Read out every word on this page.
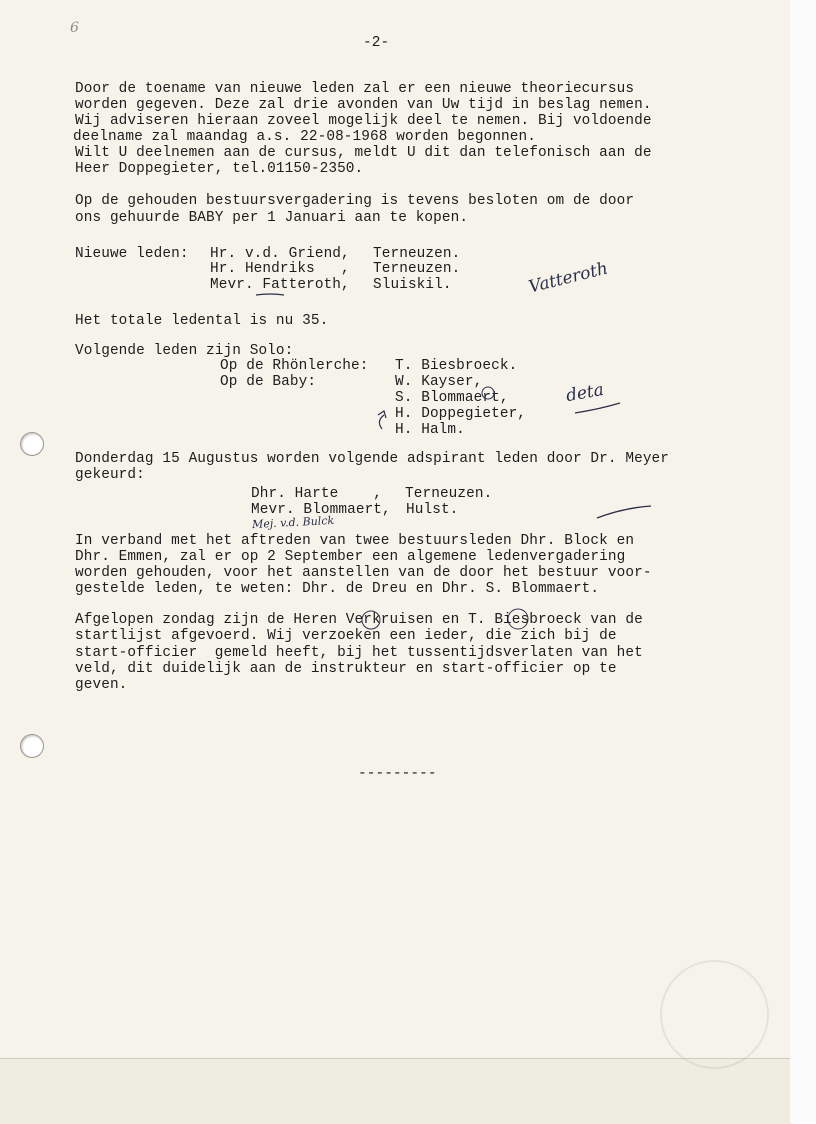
6
-2-

Door de toename van nieuwe leden zal er een nieuwe theoriecursus

worden gegeven. Deze zal drie avonden van Uw tijd in beslag nemen.

Wij adviseren hieraan zoveel mogelijk deel te nemen. Bij voldoende

deelname zal maandag a.s. 22-08-1968 worden begonnen.

Wilt U deelnemen aan de cursus, meldt U dit dan telefonisch aan de

Heer Doppegieter, tel.01150-2350.

Op de gehouden bestuursvergadering is tevens besloten om de door

ons gehuurde BABY per 1 Januari aan te kopen.

Nieuwe leden:

Hr. v.d. Griend,

Terneuzen.

Hr. Hendriks   ,

Terneuzen.

Mevr. Fatteroth,

Sluiskil.	Vatteroth
Het totale ledental is nu 35.

Volgende leden zijn Solo:

Op de Rhönlerche:

T. Biesbroeck.

Op de Baby:

	W. Kayser,

S. Blommaert,

H. Doppegieter,

H. Halm.

deta

Donderdag 15 Augustus worden volgende adspirant leden door Dr. Meyer

gekeurd:

Dhr. Harte    ,

Terneuzen.

Mevr. Blommaert,

Hulst.

Mej. v.d. Bulck

In verband met het aftreden van twee bestuursleden Dhr. Block en

Dhr. Emmen, zal er op 2 September een algemene ledenvergadering

worden gehouden, voor het aanstellen van de door het bestuur voor-

gestelde leden, te weten: Dhr. de Dreu en Dhr. S. Blommaert.

Afgelopen zondag zijn de Heren Verkruisen en T. Biesbroeck van de

startlijst afgevoerd. Wij verzoeken een ieder, die zich bij de

start-officier  gemeld heeft, bij het tussentijdsverlaten van het

veld, dit duidelijk aan de instrukteur en start-officier op te

geven.

---------
